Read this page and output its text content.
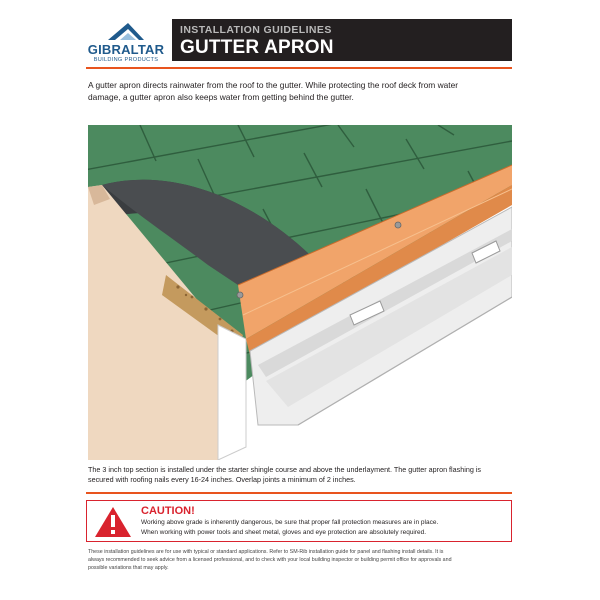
GIBRALTAR
BUILDING PRODUCTS
INSTALLATION GUIDELINES
GUTTER APRON
A gutter apron directs rainwater from the roof to the gutter. While protecting the roof deck from water
damage, a gutter apron also keeps water from getting behind the gutter.
The 3 inch top section is installed under the starter shingle course and above the underlayment. The gutter apron flashing is
secured with roofing nails every 16-24 inches. Overlap joints a minimum of 2 inches.
CAUTION!
Working above grade is inherently dangerous, be sure that proper fall protection measures are in place.
When working with power tools and sheet metal, gloves and eye protection are absolutely required.
These installation guidelines are for use with typical or standard applications. Refer to SM-Rib installation guide for panel and flashing install details. It is
always recommended to seek advice from a licensed professional, and to check with your local building inspector or building permit office for approvals and
possible variations that may apply.
